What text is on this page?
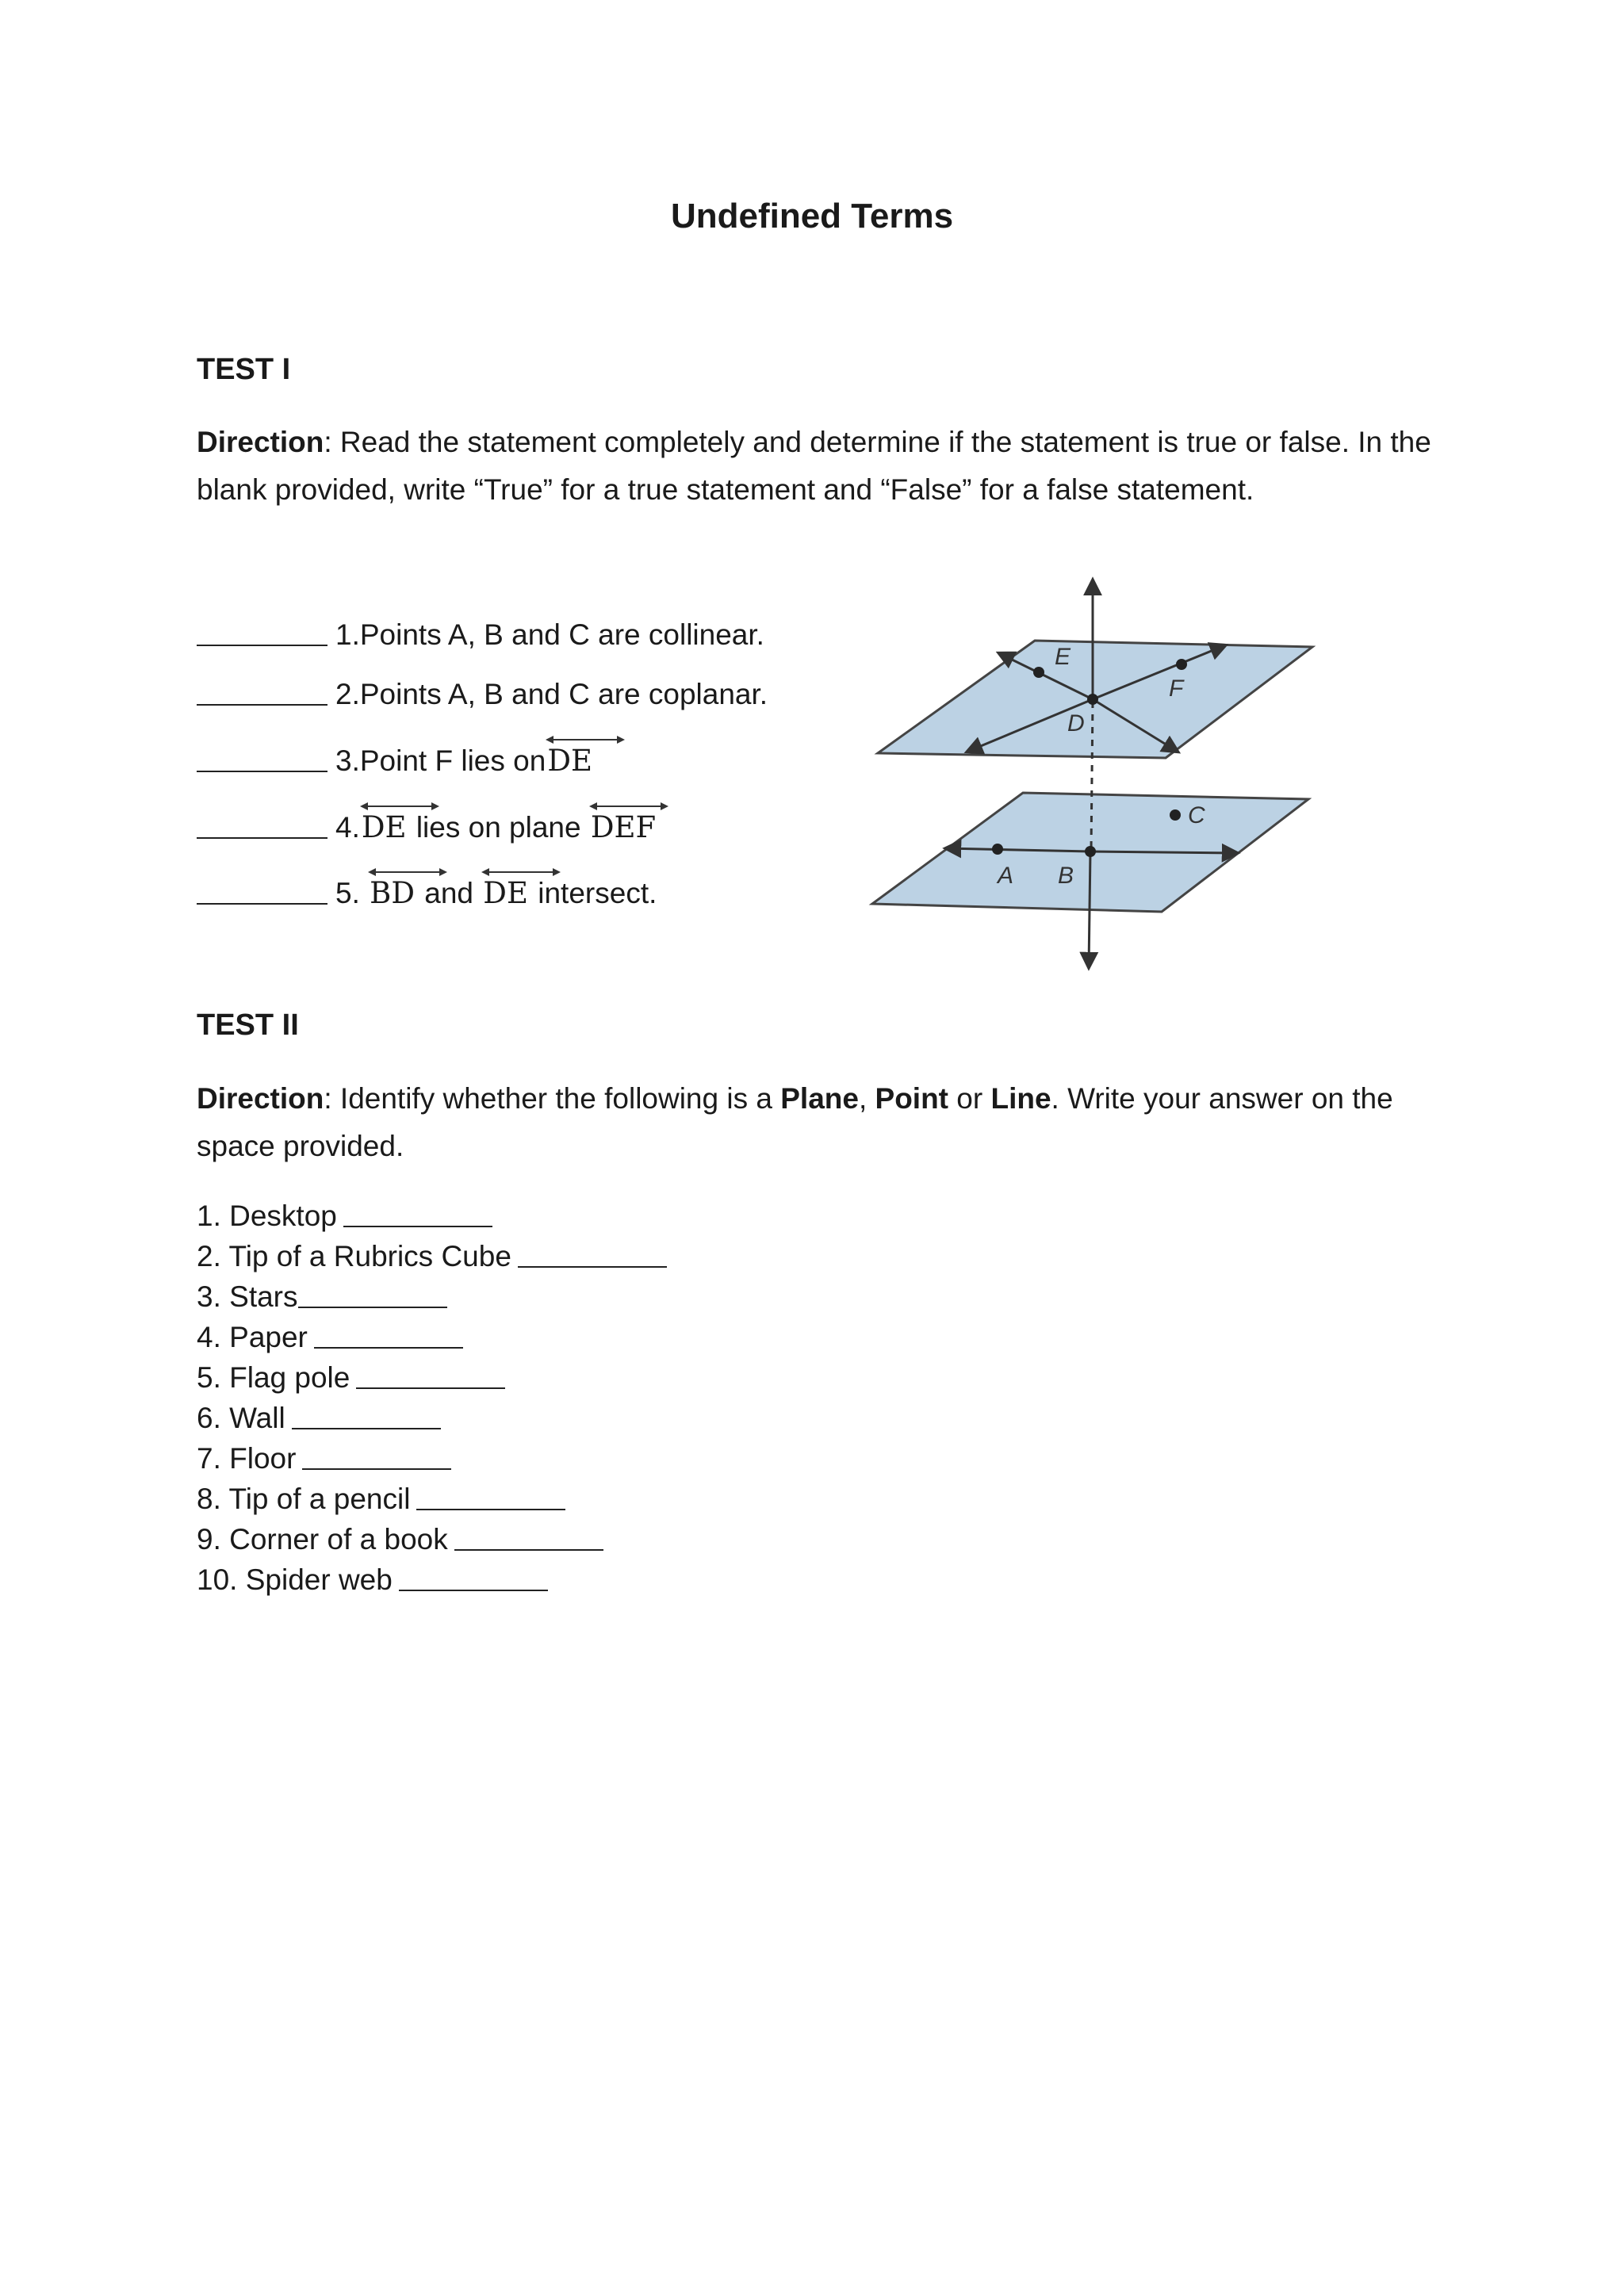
Undefined Terms
TEST I
Direction: Read the statement completely and determine if the statement is true or false. In the blank provided, write “True” for a true statement and “False” for a false statement.
1.Points A, B and C are collinear.
2.Points A, B and C are coplanar.
3.Point F lies on DE
4. DE lies on plane DEF
5. BD and DE intersect.
E
F
D
C
A B
TEST II
Direction: Identify whether the following is a Plane, Point or Line. Write your answer on the space provided.
1. Desktop
2. Tip of a Rubrics Cube
3. Stars
4. Paper
5. Flag pole
6. Wall
7. Floor
8. Tip of a pencil
9. Corner of a book
10. Spider web
